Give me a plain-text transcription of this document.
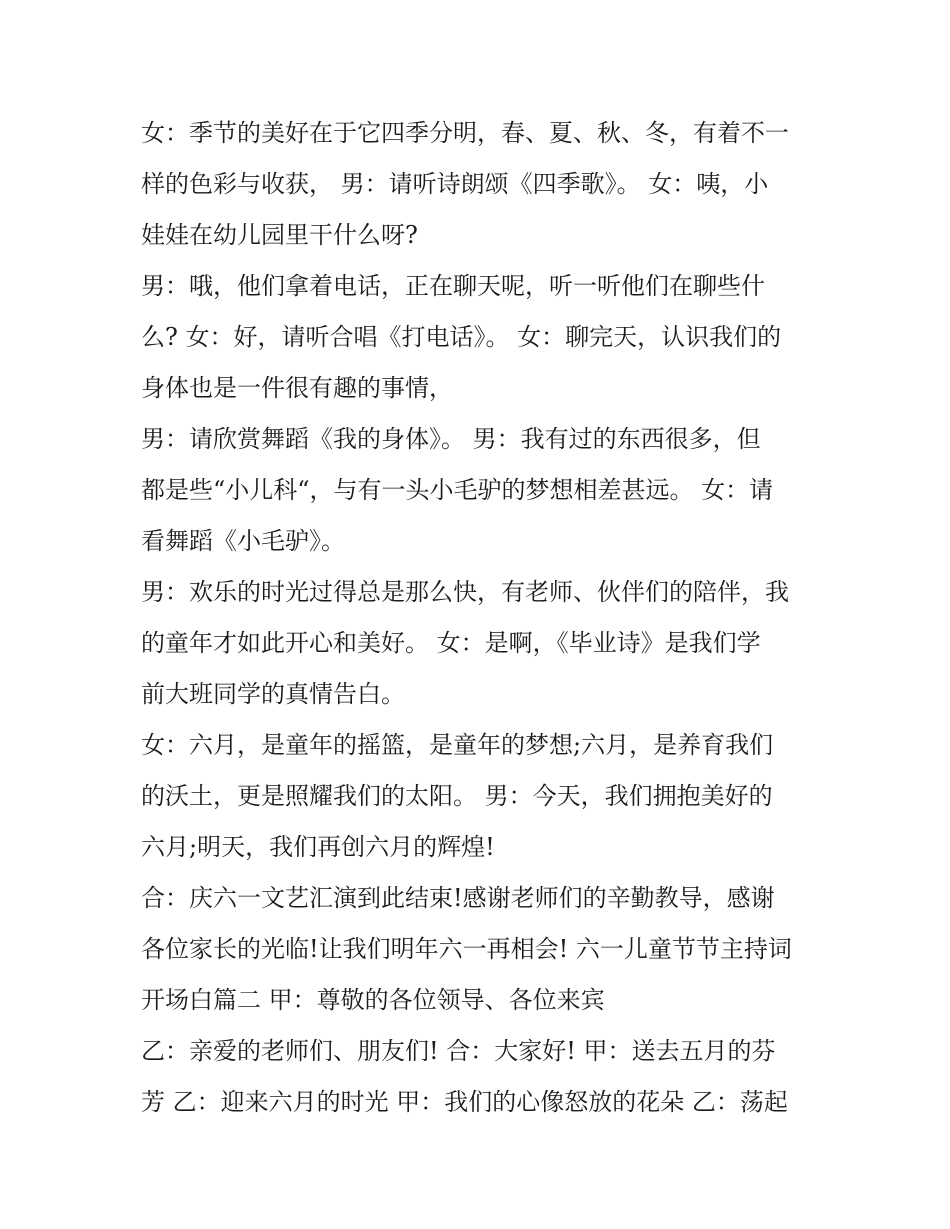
女：季节的美好在于它四季分明，春、夏、秋、冬，有着不一
样的色彩与收获， 男：请听诗朗颂《四季歌》。 女：咦，小
娃娃在幼儿园里干什么呀?
男：哦，他们拿着电话，正在聊天呢，听一听他们在聊些什
么? 女：好，请听合唱《打电话》。 女：聊完天，认识我们的
身体也是一件很有趣的事情，
男：请欣赏舞蹈《我的身体》。 男：我有过的东西很多，但
都是些“小儿科“，与有一头小毛驴的梦想相差甚远。 女：请
看舞蹈《小毛驴》。
男：欢乐的时光过得总是那么快，有老师、伙伴们的陪伴，我
的童年才如此开心和美好。 女：是啊，《毕业诗》是我们学
前大班同学的真情告白。
女：六月，是童年的摇篮，是童年的梦想;六月，是养育我们
的沃土，更是照耀我们的太阳。 男：今天，我们拥抱美好的
六月;明天，我们再创六月的辉煌!
合：庆六一文艺汇演到此结束!感谢老师们的辛勤教导，感谢
各位家长的光临!让我们明年六一再相会! 六一儿童节节主持词
开场白篇二 甲：尊敬的各位领导、各位来宾
乙：亲爱的老师们、朋友们! 合：大家好! 甲：送去五月的芬
芳 乙：迎来六月的时光 甲：我们的心像怒放的花朵 乙：荡起
